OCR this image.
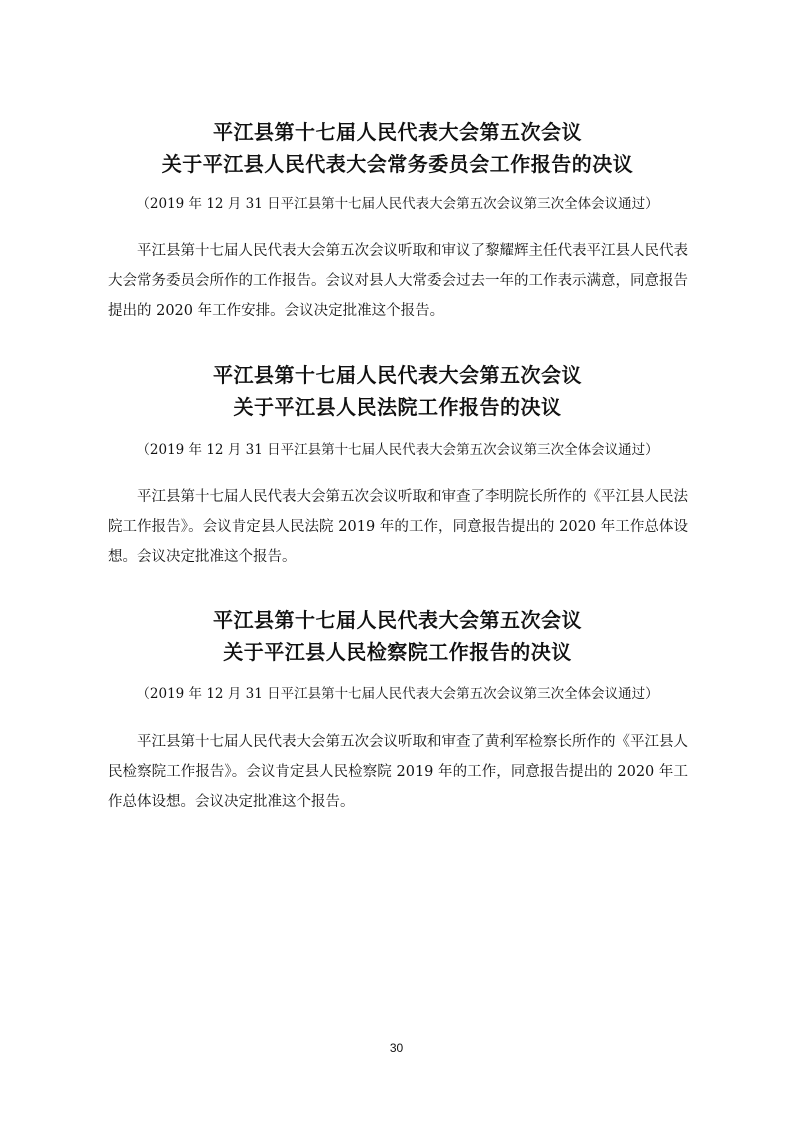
平江县第十七届人民代表大会第五次会议
关于平江县人民代表大会常务委员会工作报告的决议
（2019 年 12 月 31 日平江县第十七届人民代表大会第五次会议第三次全体会议通过）
平江县第十七届人民代表大会第五次会议听取和审议了黎耀辉主任代表平江县人民代表大会常务委员会所作的工作报告。会议对县人大常委会过去一年的工作表示满意，同意报告提出的 2020 年工作安排。会议决定批准这个报告。
平江县第十七届人民代表大会第五次会议
关于平江县人民法院工作报告的决议
（2019 年 12 月 31 日平江县第十七届人民代表大会第五次会议第三次全体会议通过）
平江县第十七届人民代表大会第五次会议听取和审查了李明院长所作的《平江县人民法院工作报告》。会议肯定县人民法院 2019 年的工作，同意报告提出的 2020 年工作总体设想。会议决定批准这个报告。
平江县第十七届人民代表大会第五次会议
关于平江县人民检察院工作报告的决议
（2019 年 12 月 31 日平江县第十七届人民代表大会第五次会议第三次全体会议通过）
平江县第十七届人民代表大会第五次会议听取和审查了黄利军检察长所作的《平江县人民检察院工作报告》。会议肯定县人民检察院 2019 年的工作，同意报告提出的 2020 年工作总体设想。会议决定批准这个报告。
30
